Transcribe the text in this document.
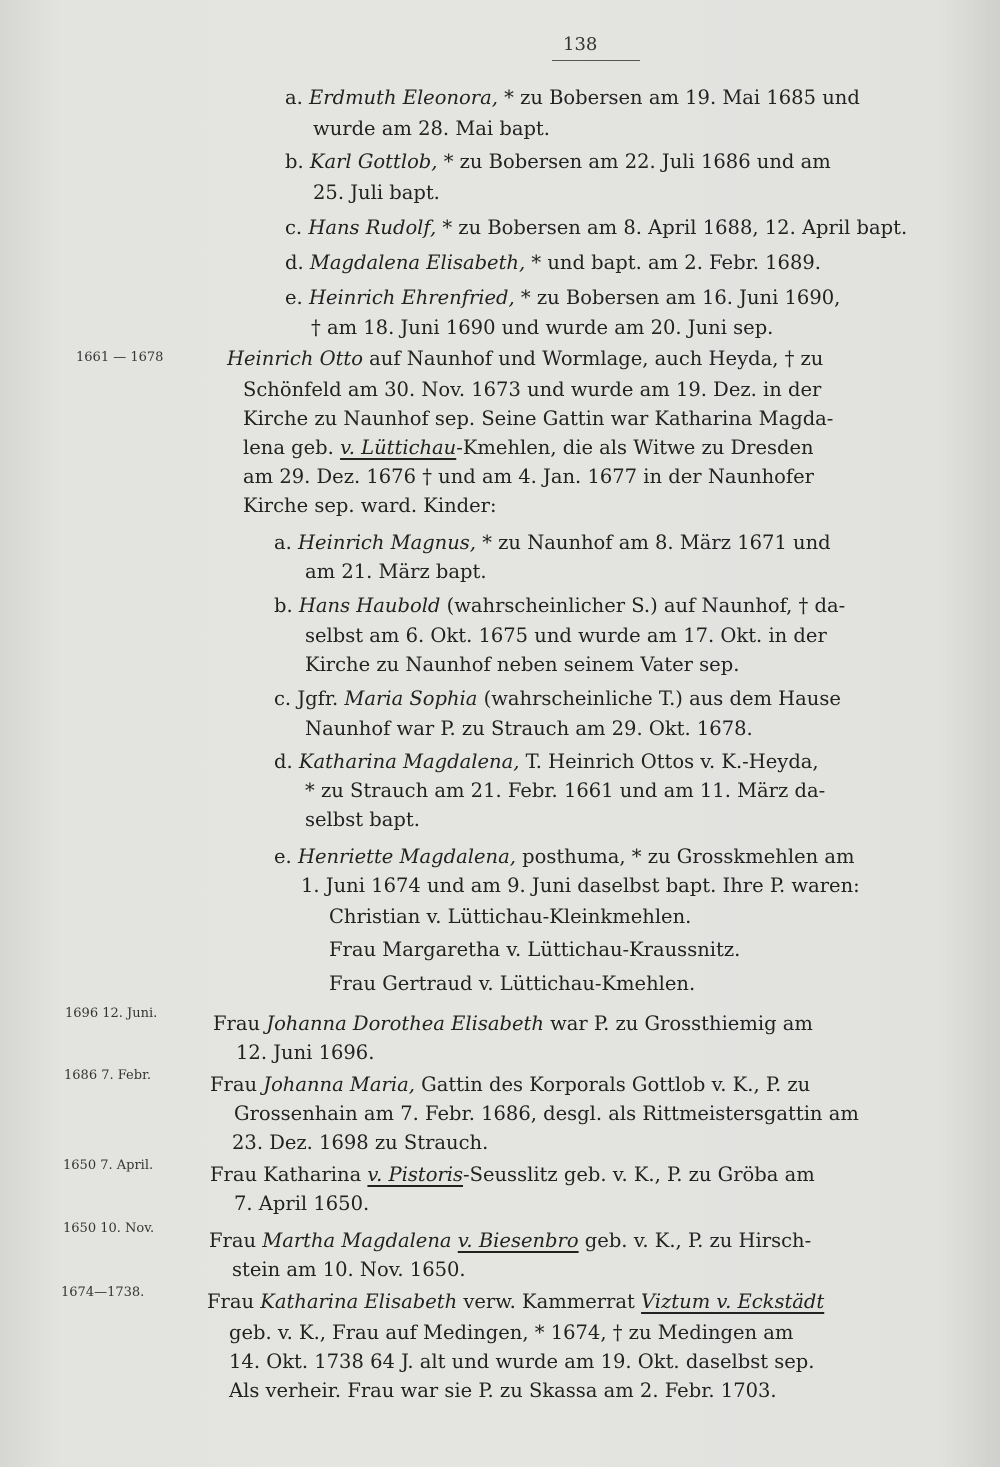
138
a. Erdmuth Eleonora, * zu Bobersen am 19. Mai 1685 und
wurde am 28. Mai bapt.
b. Karl Gottlob, * zu Bobersen am 22. Juli 1686 und am
25. Juli bapt.
c. Hans Rudolf, * zu Bobersen am 8. April 1688, 12. April bapt.
d. Magdalena Elisabeth, * und bapt. am 2. Febr. 1689.
e. Heinrich Ehrenfried, * zu Bobersen am 16. Juni 1690,
† am 18. Juni 1690 und wurde am 20. Juni sep.
Heinrich Otto auf Naunhof und Wormlage, auch Heyda, † zu
Schönfeld am 30. Nov. 1673 und wurde am 19. Dez. in der
Kirche zu Naunhof sep. Seine Gattin war Katharina Magda-
lena geb. v. Lüttichau-Kmehlen, die als Witwe zu Dresden
am 29. Dez. 1676 † und am 4. Jan. 1677 in der Naunhofer
Kirche sep. ward. Kinder:
a. Heinrich Magnus, * zu Naunhof am 8. März 1671 und
am 21. März bapt.
b. Hans Haubold (wahrscheinlicher S.) auf Naunhof, † da-
selbst am 6. Okt. 1675 und wurde am 17. Okt. in der
Kirche zu Naunhof neben seinem Vater sep.
c. Jgfr. Maria Sophia (wahrscheinliche T.) aus dem Hause
Naunhof war P. zu Strauch am 29. Okt. 1678.
d. Katharina Magdalena, T. Heinrich Ottos v. K.-Heyda,
* zu Strauch am 21. Febr. 1661 und am 11. März da-
selbst bapt.
e. Henriette Magdalena, posthuma, * zu Grosskmehlen am
1. Juni 1674 und am 9. Juni daselbst bapt. Ihre P. waren:
Christian v. Lüttichau-Kleinkmehlen.
Frau Margaretha v. Lüttichau-Kraussnitz.
Frau Gertraud v. Lüttichau-Kmehlen.
Frau Johanna Dorothea Elisabeth war P. zu Grossthiemig am
12. Juni 1696.
Frau Johanna Maria, Gattin des Korporals Gottlob v. K., P. zu
Grossenhain am 7. Febr. 1686, desgl. als Rittmeistersgattin am
23. Dez. 1698 zu Strauch.
Frau Katharina v. Pistoris-Seusslitz geb. v. K., P. zu Gröba am
7. April 1650.
Frau Martha Magdalena v. Biesenbro geb. v. K., P. zu Hirsch-
stein am 10. Nov. 1650.
Frau Katharina Elisabeth verw. Kammerrat Viztum v. Eckstädt
geb. v. K., Frau auf Medingen, * 1674, † zu Medingen am
14. Okt. 1738 64 J. alt und wurde am 19. Okt. daselbst sep.
Als verheir. Frau war sie P. zu Skassa am 2. Febr. 1703.
1661 — 1678
1696 12. Juni.
1686 7. Febr.
1650 7. April.
1650 10. Nov.
1674—1738.
